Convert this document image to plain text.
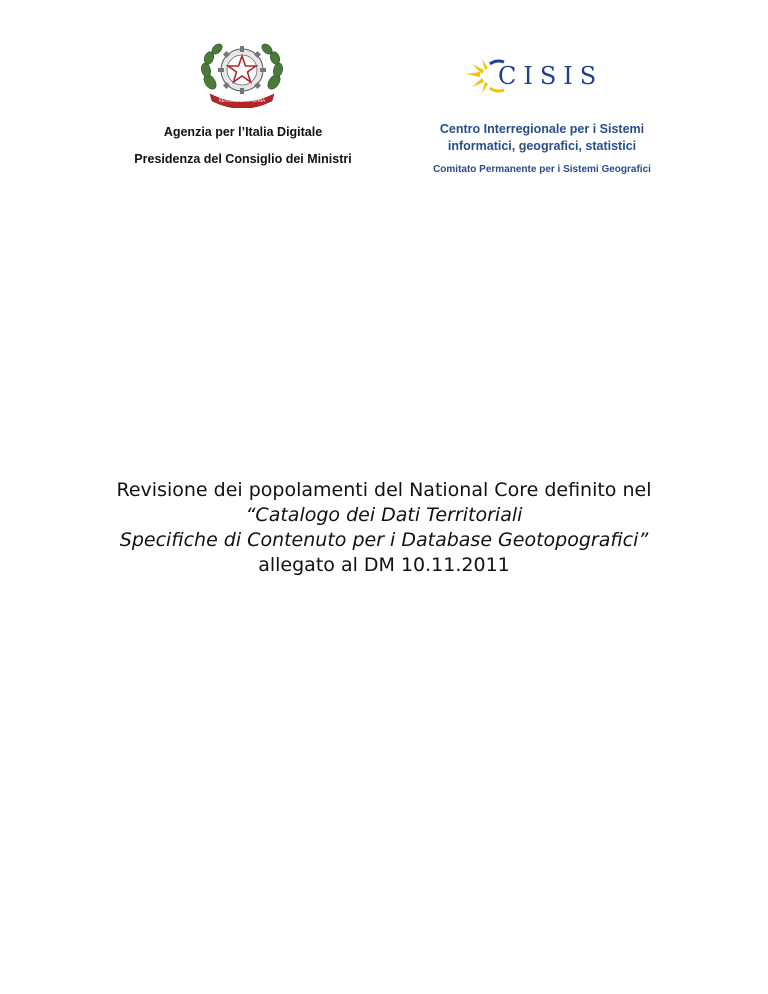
REPUBBLICA ITALIANA
Agenzia per l’Italia Digitale
Presidenza del Consiglio dei Ministri
CISIS
Centro Interregionale per i Sistemi
informatici, geografici, statistici
Comitato Permanente per i Sistemi Geografici
Revisione dei popolamenti del National Core definito nel
“Catalogo dei Dati Territoriali
Specifiche di Contenuto per i Database Geotopografici”
allegato al DM 10.11.2011
